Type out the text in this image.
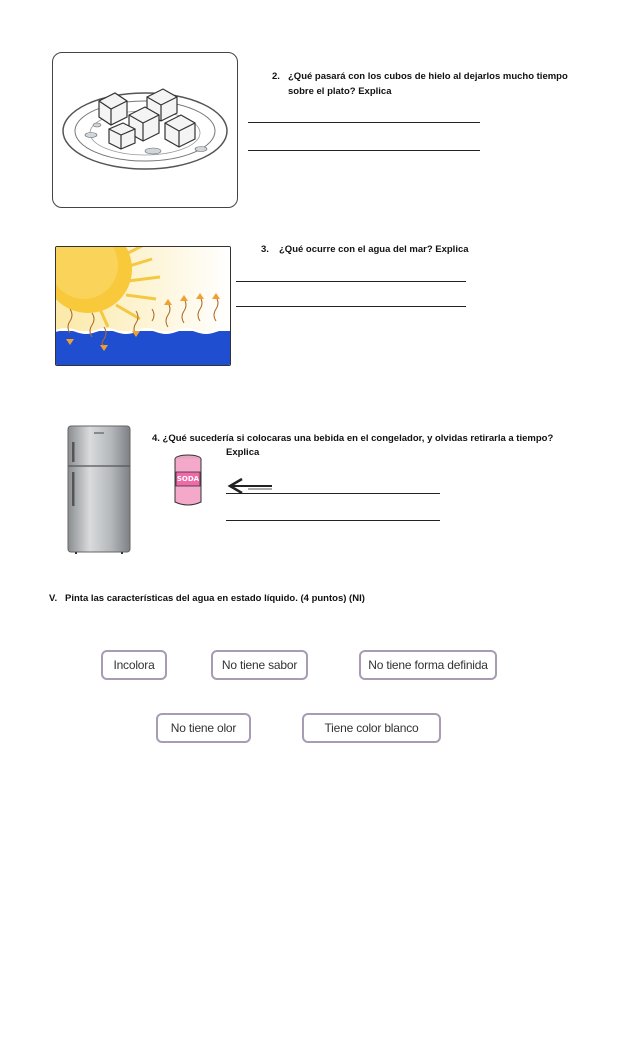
2. ¿Qué pasará con los cubos de hielo al dejarlos mucho tiempo
sobre el plato? Explica
3. ¿Qué ocurre con el agua del mar? Explica
4. ¿Qué sucedería si colocaras una bebida en el congelador, y olvidas retirarla a tiempo?
Explica
SODA
V.   Pinta las características del agua en estado líquido. (4 puntos) (NI)
Incolora	No tiene sabor	No tiene forma definida
No tiene olor	Tiene color blanco
